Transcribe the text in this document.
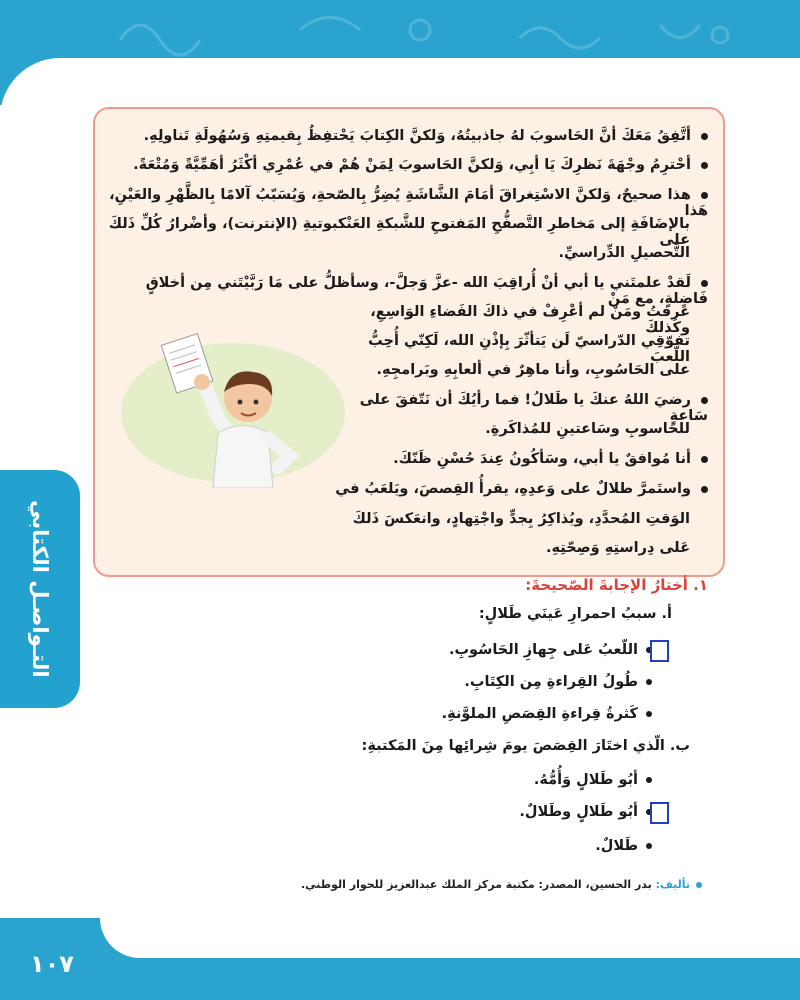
التـواصـل الكتابي
أتَّفِقُ مَعَكَ أنَّ الحَاسوبَ لهُ جاذبيتُهُ، وَلكنَّ الكِتابَ يَحْتفِظُ بِقيمتِهِ وَسُهُولَةِ تَناولِهِ.
أحْترِمُ وجْهَةَ نَظرِكَ يَا أبِي، وَلكنَّ الحَاسوبَ لِمَنْ هُمْ في عُمْرِي أكْثَرُ أهَمِّيَّةً وَمُتْعَةً.
هذا صحيحٌ، وَلكنَّ الاسْتِغراقَ أمَامَ الشَّاشَةِ يُضِرُّ بِالصّحةِ، وَيُسَبّبُ آلامًا بِالظَّهْرِ والعَيْنِ، هَذا
بالإضَافَةِ إلى مَخاطرِ التَّصفُّحِ المَفتوحِ للشَّبكةِ العَنْكبوتيةِ (الإنترنت)، وأضْرارُ كُلِّ ذَلكَ على
التَّحصيلِ الدِّراسيِّ.
لَقدْ علمتَني يا أبي أنْ أُراقِبَ الله -عزَّ وَجلَّ-، وسأظلُّ على مَا رَبَّيْتَني مِن أخلاقٍ فَاضِلةٍ، مع مَنْ
عَرفتُ ومَنْ لم أعْرِفْ في ذاكَ الفَضاءِ الوَاسِعِ، وكَذلكَ
تفوّقِي الدّراسيّ لَن يَتأثّرَ بِإذْنِ الله، لَكِنّي أُحِبُّ اللَّعبَ
على الحَاسُوبِ، وأنا ماهِرٌ في ألعابِهِ وبَرامجِهِ.
رضيَ اللهُ عنكَ يا طَلالُ! فما رأيُكَ أن نَتّفقَ على سَاعةٍ
للحَاسوبِ وسَاعتينِ للمُذاكَرةِ.
أنا مُوافقٌ يا أبي، وسَأكُونُ عِندَ حُسْنِ ظَنّكَ.
واستَمرَّ طلالٌ على وَعدِهِ، يقرأُ القِصصَ، ويَلعَبُ في
الوَقتِ المُحدَّدِ، ويُذاكِرُ بِجدٍّ واجْتِهادٍ، وانعَكسَ ذَلكَ
عَلى دِراستِهِ وَصِحّتِهِ.
١. أختارُ الإجابةَ الصّحيحةَ:
أ. سببُ احمرارِ عَينَي طَلالٍ:
اللّعبُ عَلى جِهازِ الحَاسُوبِ.
طُولُ القِراءةِ مِن الكِتَابِ.
كَثرةُ قِراءةِ القِصَصِ الملوَّنةِ.
ب. الّذي اختَارَ القِصَصَ يومَ شِرائِها مِنَ المَكتبةِ:
أبُو طَلالٍ وَأُمُّهُ.
أبُو طَلالٍ وطَلالٌ.
طَلالٌ.
تأليف: بدر الحسين، المصدر: مكتبة مركز الملك عبدالعزيز للحوار الوطني.
١٠٧
